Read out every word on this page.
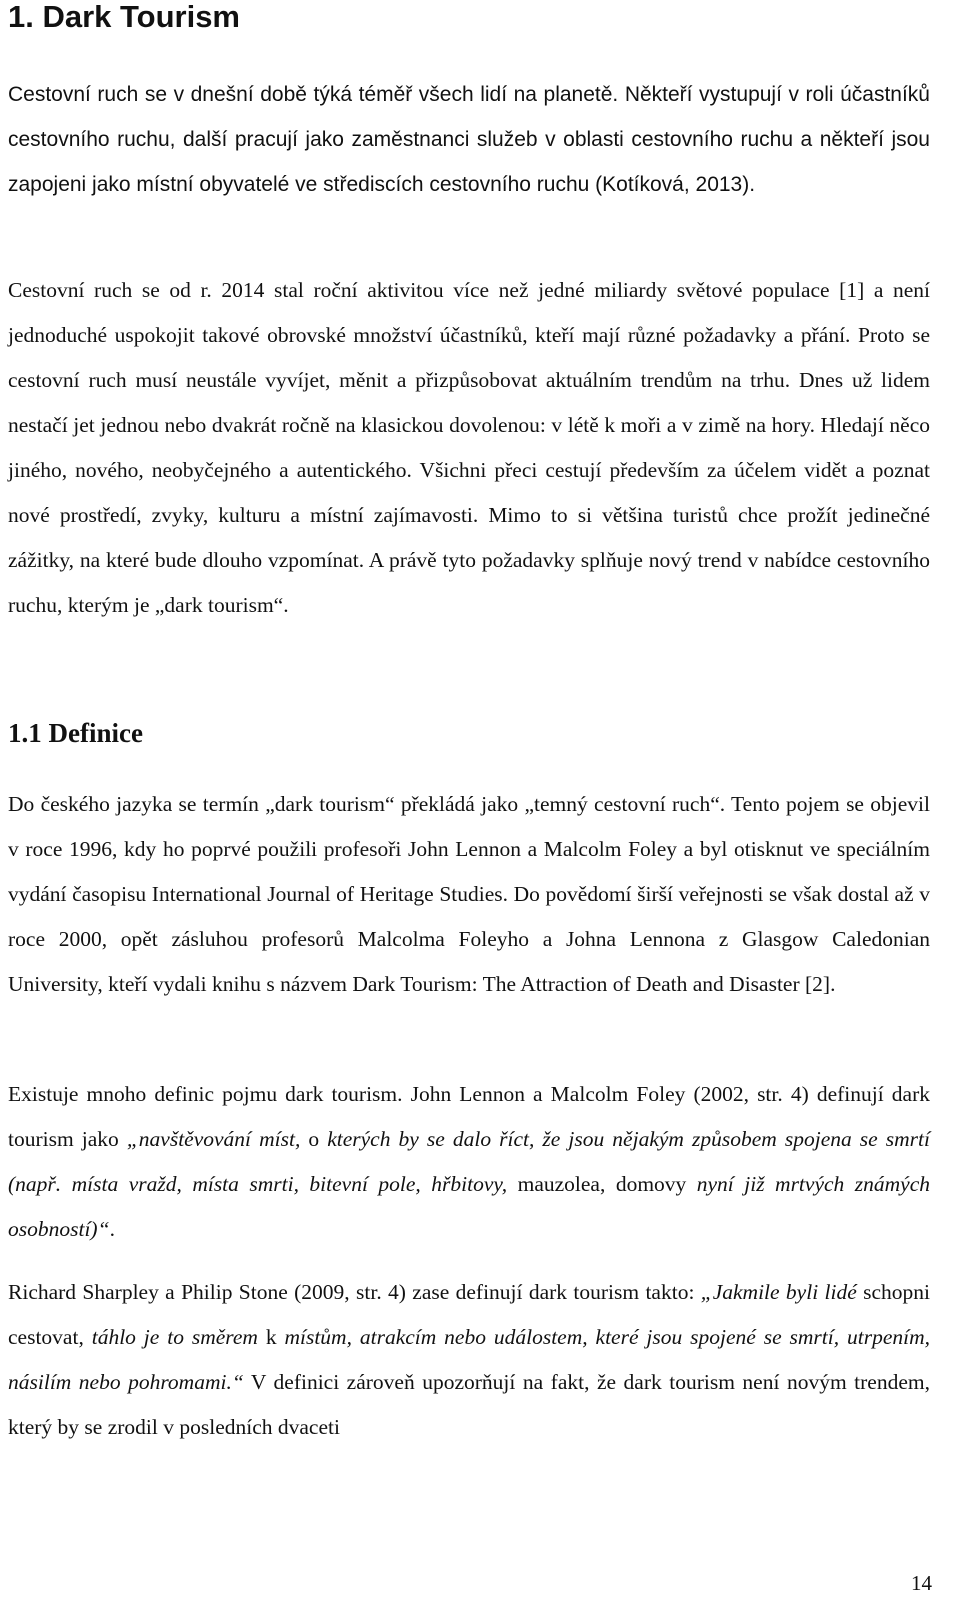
1. Dark Tourism

Cestovní ruch se v dnešní době týká téměř všech lidí na planetě. Někteří vystupují v roli účastníků cestovního ruchu, další pracují jako zaměstnanci služeb v oblasti cestovního ruchu a někteří jsou zapojeni jako místní obyvatelé ve střediscích cestovního ruchu (Kotíková, 2013).

Cestovní ruch se od r. 2014 stal roční aktivitou více než jedné miliardy světové populace [1] a není jednoduché uspokojit takové obrovské množství účastníků, kteří mají různé požadavky a přání. Proto se cestovní ruch musí neustále vyvíjet, měnit a přizpůsobovat aktuálním trendům na trhu. Dnes už lidem nestačí jet jednou nebo dvakrát ročně na klasickou dovolenou: v létě k moři a v zimě na hory. Hledají něco jiného, nového, neobyčejného a autentického. Všichni přeci cestují především za účelem vidět a poznat nové prostředí, zvyky, kulturu a místní zajímavosti. Mimo to si většina turistů chce prožít jedinečné zážitky, na které bude dlouho vzpomínat. A právě tyto požadavky splňuje nový trend v nabídce cestovního ruchu, kterým je „dark tourism“.

1.1 Definice

Do českého jazyka se termín „dark tourism“ překládá jako „temný cestovní ruch“. Tento pojem se objevil v roce 1996, kdy ho poprvé použili profesoři John Lennon a Malcolm Foley a byl otisknut ve speciálním vydání časopisu International Journal of Heritage Studies. Do povědomí širší veřejnosti se však dostal až v roce 2000, opět zásluhou profesorů Malcolma Foleyho a Johna Lennona z Glasgow Caledonian University, kteří vydali knihu s názvem Dark Tourism: The Attraction of Death and Disaster [2].

Existuje mnoho definic pojmu dark tourism. John Lennon a Malcolm Foley (2002, str. 4) definují dark tourism jako „navštěvování míst, o kterých by se dalo říct, že jsou nějakým způsobem spojena se smrtí (např. místa vražd, místa smrti, bitevní pole, hřbitovy, mauzolea, domovy nyní již mrtvých známých osobností)“.

Richard Sharpley a Philip Stone (2009, str. 4) zase definují dark tourism takto: „Jakmile byli lidé schopni cestovat, táhlo je to směrem k místům, atrakcím nebo událostem, které jsou spojené se smrtí, utrpením, násilím nebo pohromami.“ V definici zároveň upozorňují na fakt, že dark tourism není novým trendem, který by se zrodil v posledních dvaceti

14
